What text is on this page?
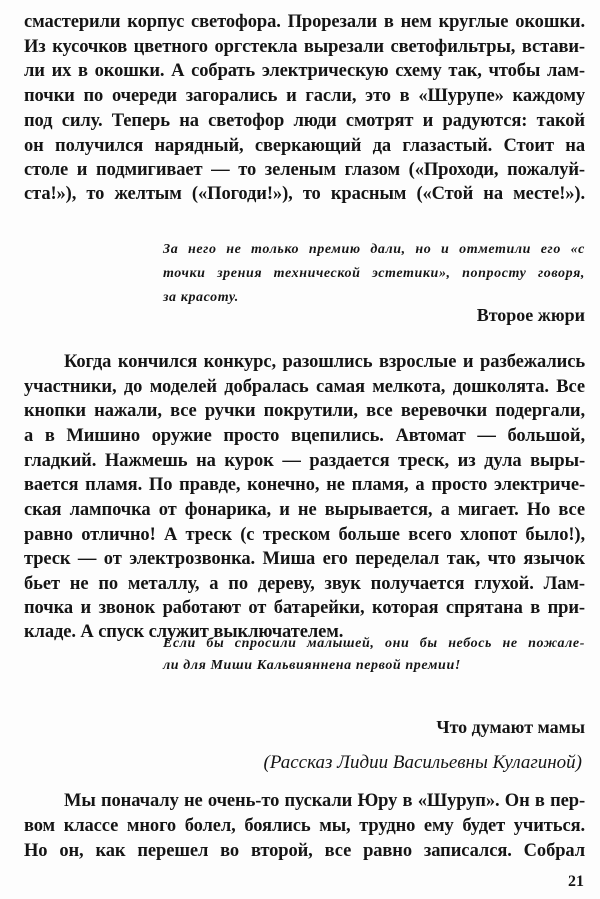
смастерили корпус светофора. Прорезали в нем круглые окошки.
Из кусочков цветного оргстекла вырезали светофильтры, встави-
ли их в окошки. А собрать электрическую схему так, чтобы лам-
почки по очереди загорались и гасли, это в «Шурупе» каждому
под силу. Теперь на светофор люди смотрят и радуются: такой
он получился нарядный, сверкающий да глазастый. Стоит на
столе и подмигивает — то зеленым глазом («Проходи, пожалуй-
ста!»), то желтым («Погоди!»), то красным («Стой на месте!»).
За него не только премию дали, но и отметили его «с
точки зрения технической эстетики», попросту говоря,
за красоту.
Второе жюри
Когда кончился конкурс, разошлись взрослые и разбежались
участники, до моделей добралась самая мелкота, дошколята. Все
кнопки нажали, все ручки покрутили, все веревочки подергали,
а в Мишино оружие просто вцепились. Автомат — большой,
гладкий. Нажмешь на курок — раздается треск, из дула выры-
вается пламя. По правде, конечно, не пламя, а просто электриче-
ская лампочка от фонарика, и не вырывается, а мигает. Но все
равно отлично! А треск (с треском больше всего хлопот было!),
треск — от электрозвонка. Миша его переделал так, что язычок
бьет не по металлу, а по дереву, звук получается глухой. Лам-
почка и звонок работают от батарейки, которая спрятана в при-
кладе. А спуск служит выключателем.
Если бы спросили малышей, они бы небось не пожале-
ли для Миши Кальвияннена первой премии!
Что думают мамы
(Рассказ Лидии Васильевны Кулагиной)
Мы поначалу не очень-то пускали Юру в «Шуруп». Он в пер-
вом классе много болел, боялись мы, трудно ему будет учиться.
Но он, как перешел во второй, все равно записался. Собрал
21
